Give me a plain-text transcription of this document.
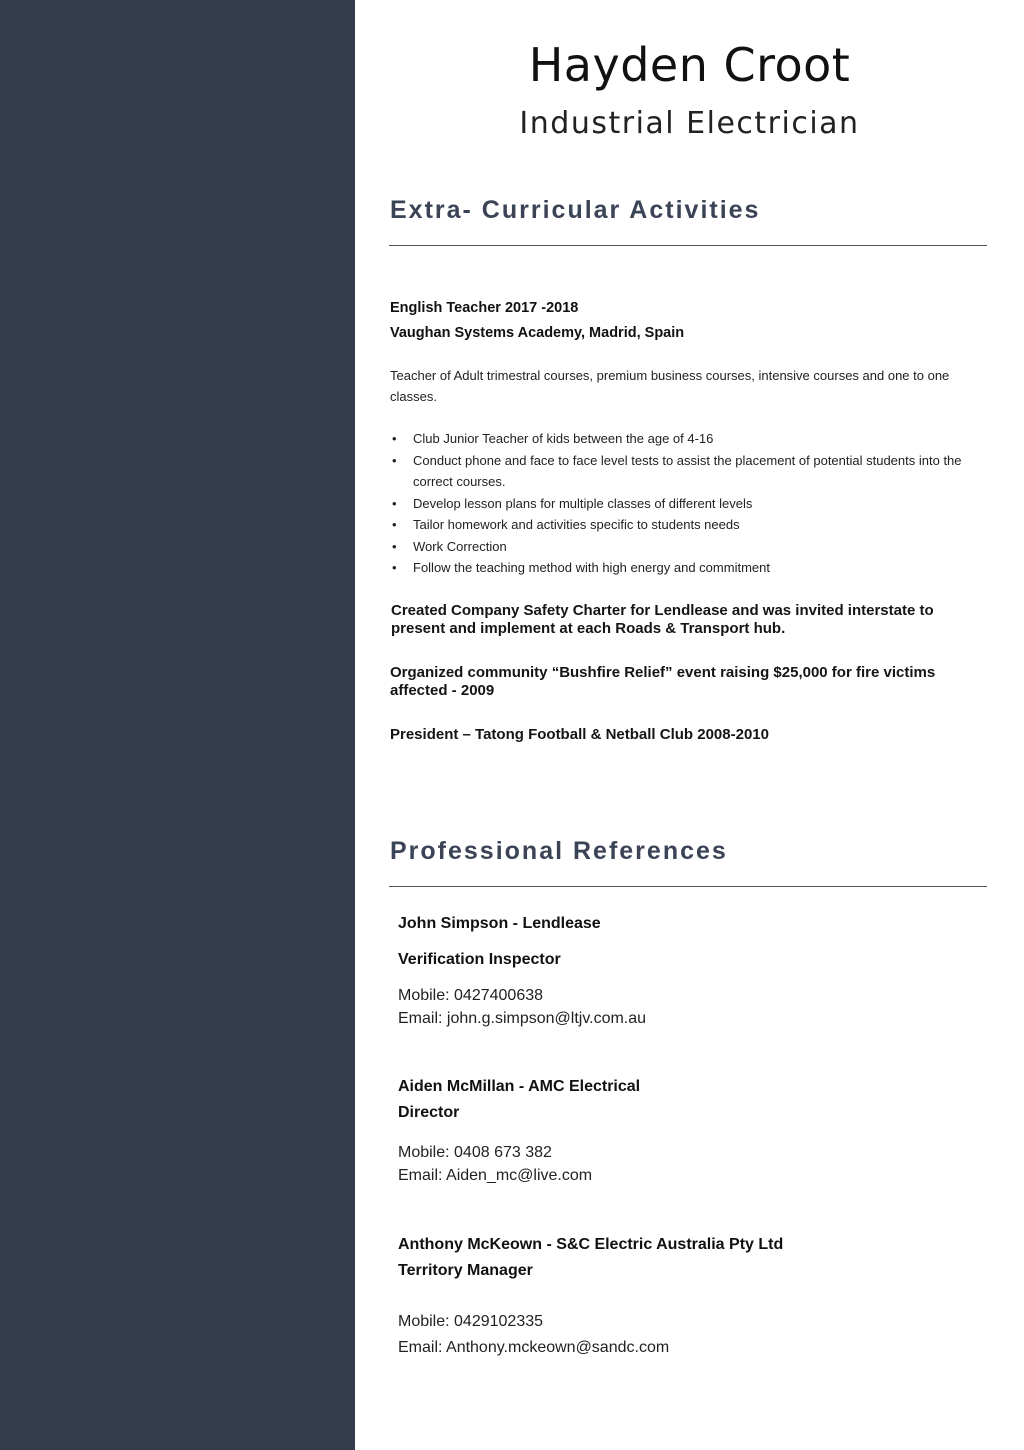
Hayden Croot
Industrial Electrician
Extra- Curricular Activities

English Teacher 2017 -2018

Vaughan Systems Academy, Madrid, Spain

Teacher of Adult trimestral courses, premium business courses, intensive courses and one to one classes.

• Club Junior Teacher of kids between the age of 4-16
• Conduct phone and face to face level tests to assist the placement of potential students into the correct courses.
• Develop lesson plans for multiple classes of different levels
• Tailor homework and activities specific to students needs
• Work Correction
• Follow the teaching method with high energy and commitment

Created Company Safety Charter for Lendlease and was invited interstate to present and implement at each Roads & Transport hub.

Organized community “Bushfire Relief” event raising $25,000 for fire victims affected - 2009

President – Tatong Football & Netball Club 2008-2010

Professional References

John Simpson - Lendlease

Verification Inspector

Mobile: 0427400638

Email: john.g.simpson@ltjv.com.au

Aiden McMillan - AMC Electrical

Director

Mobile: 0408 673 382

Email: Aiden_mc@live.com

Anthony McKeown - S&C Electric Australia Pty Ltd

Territory Manager

Mobile: 0429102335

Email: Anthony.mckeown@sandc.com
